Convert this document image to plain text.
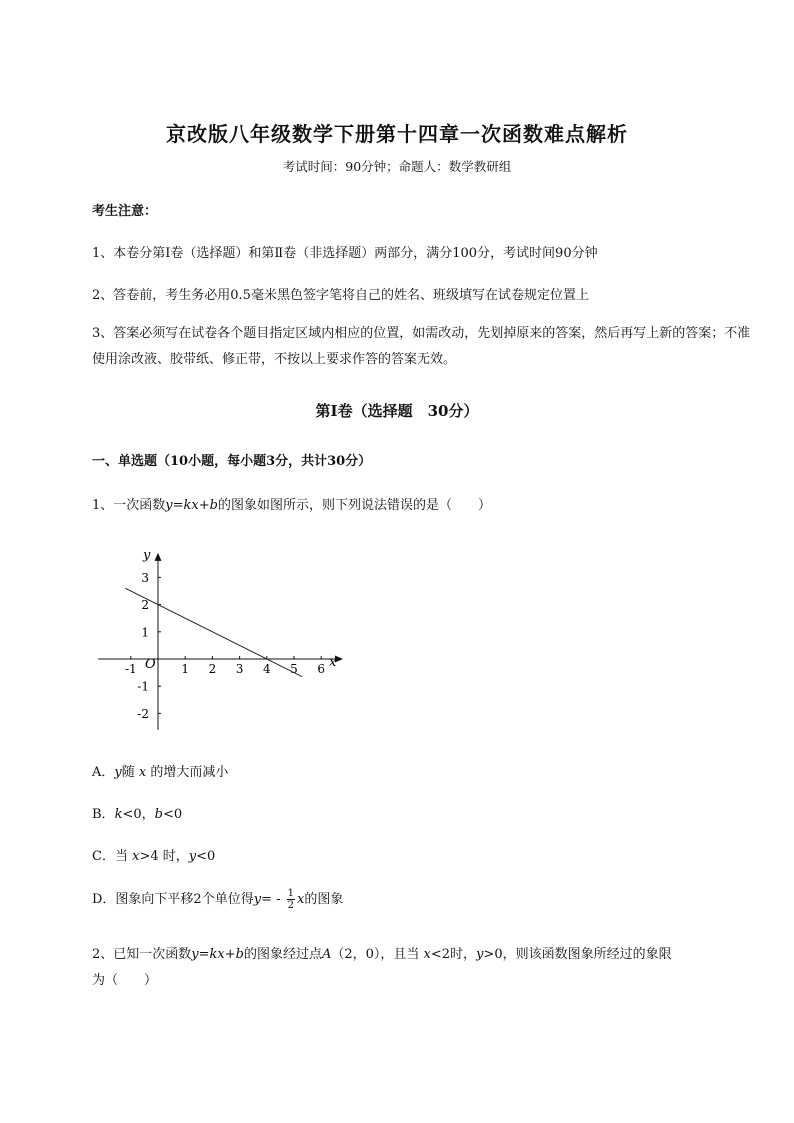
京改版八年级数学下册第十四章一次函数难点解析
考试时间：90分钟；命题人：数学教研组
考生注意：
1、本卷分第I卷（选择题）和第Ⅱ卷（非选择题）两部分，满分100分，考试时间90分钟
2、答卷前，考生务必用0.5毫米黑色签字笔将自己的姓名、班级填写在试卷规定位置上
3、答案必须写在试卷各个题目指定区域内相应的位置，如需改动，先划掉原来的答案，然后再写上新的答案；不准使用涂改液、胶带纸、修正带，不按以上要求作答的答案无效。
第I卷（选择题　30分）
一、单选题（10小题，每小题3分，共计30分）
1、一次函数y=kx+b的图象如图所示，则下列说法错误的是（　　）
x
y
O
-1	1 2 3 4 5 6
3
2
1
-1
-2
A．y随 x 的增大而减小
B．k<0，b<0
C．当 x>4 时，y<0
D．图象向下平移2个单位得$y= - \frac{1}{2}$ x的图象
2、已知一次函数y=kx+b的图象经过点A（2，0），且当 x<2时，y>0，则该函数图象所经过的象限
为（　　）
